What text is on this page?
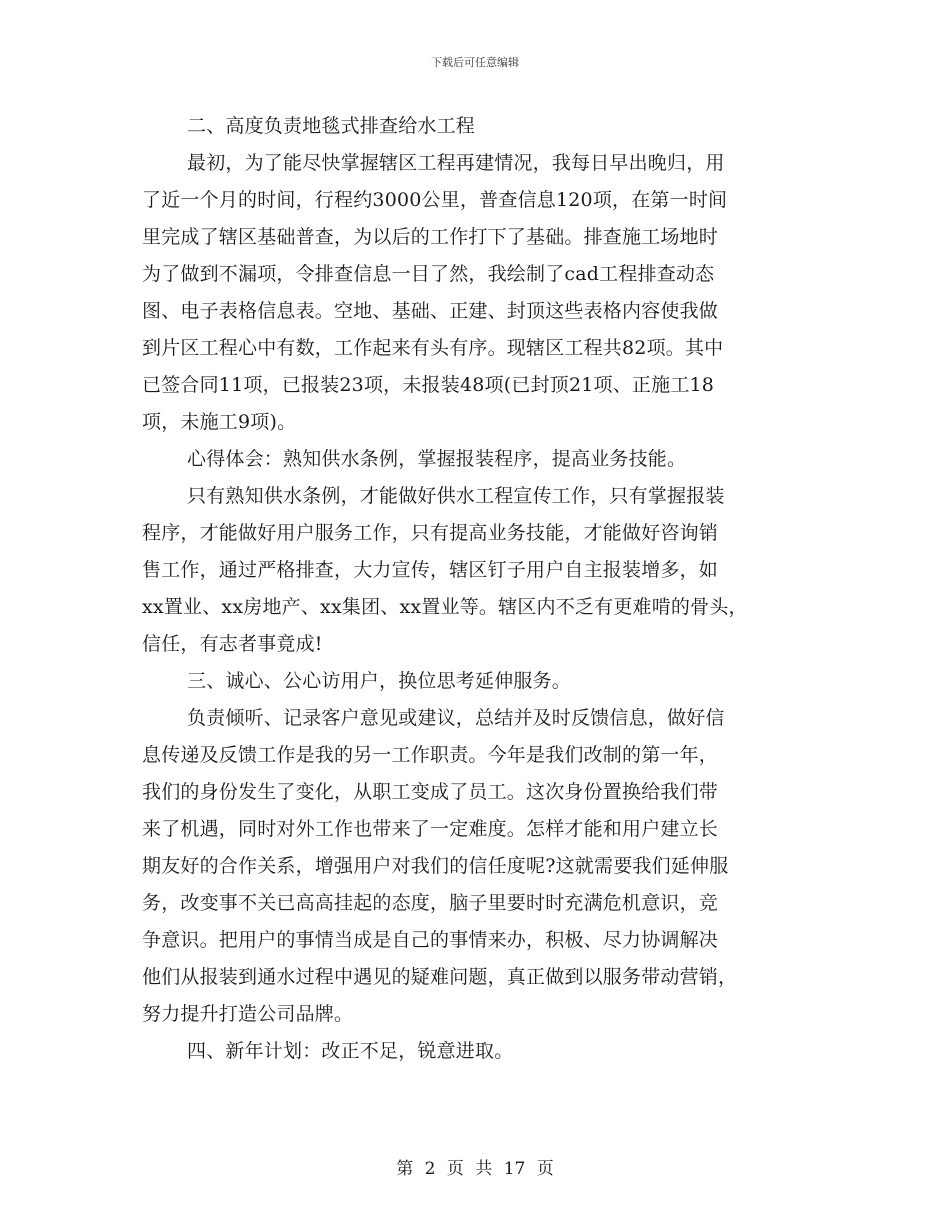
下载后可任意编辑
二、高度负责地毯式排查给水工程
最初，为了能尽快掌握辖区工程再建情况，我每日早出晚归，用
了近一个月的时间，行程约3000公里，普查信息120项，在第一时间
里完成了辖区基础普查，为以后的工作打下了基础。排查施工场地时
为了做到不漏项，令排查信息一目了然，我绘制了cad工程排查动态
图、电子表格信息表。空地、基础、正建、封顶这些表格内容使我做
到片区工程心中有数，工作起来有头有序。现辖区工程共82项。其中
已签合同11项，已报装23项，未报装48项(已封顶21项、正施工18
项，未施工9项)。
心得体会：熟知供水条例，掌握报装程序，提高业务技能。
只有熟知供水条例，才能做好供水工程宣传工作，只有掌握报装
程序，才能做好用户服务工作，只有提高业务技能，才能做好咨询销
售工作，通过严格排查，大力宣传，辖区钉子用户自主报装增多，如
xx置业、xx房地产、xx集团、xx置业等。辖区内不乏有更难啃的骨头，
信任，有志者事竟成!
三、诚心、公心访用户，换位思考延伸服务。
负责倾听、记录客户意见或建议，总结并及时反馈信息，做好信
息传递及反馈工作是我的另一工作职责。今年是我们改制的第一年，
我们的身份发生了变化，从职工变成了员工。这次身份置换给我们带
来了机遇，同时对外工作也带来了一定难度。怎样才能和用户建立长
期友好的合作关系，增强用户对我们的信任度呢?这就需要我们延伸服
务，改变事不关已高高挂起的态度，脑子里要时时充满危机意识，竞
争意识。把用户的事情当成是自己的事情来办，积极、尽力协调解决
他们从报装到通水过程中遇见的疑难问题，真正做到以服务带动营销，
努力提升打造公司品牌。
四、新年计划：改正不足，锐意进取。
第 2 页 共 17 页
